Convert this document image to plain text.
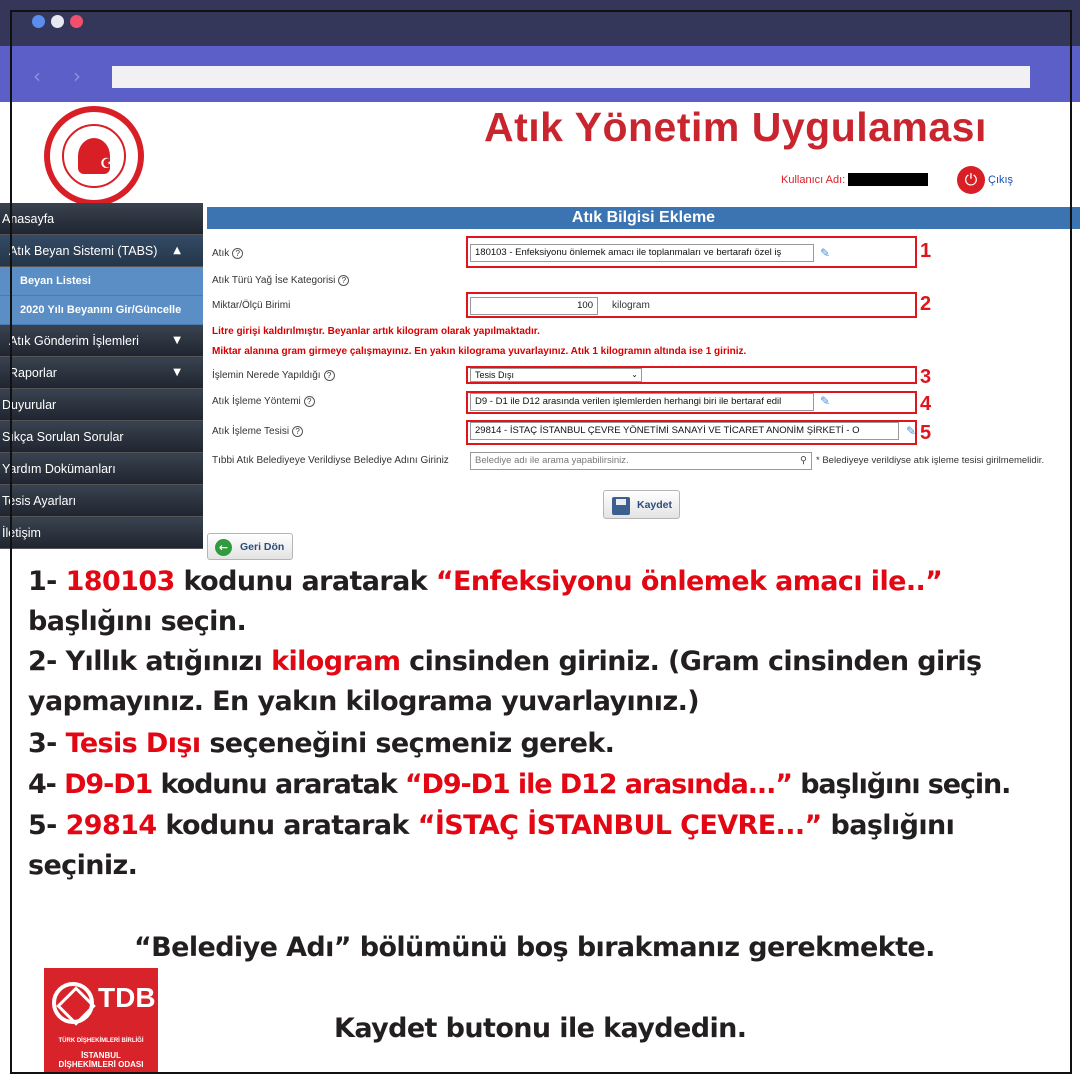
‹ ›
☪
Atık Yönetim Uygulaması
Kullanıcı Adı:	⏻ Çıkış
Anasayfa
Atık Beyan Sistemi (TABS) ▲
Beyan Listesi
2020 Yılı Beyanını Gir/Güncelle
Atık Gönderim İşlemleri	▼
Raporlar	▼
Duyurular
Sıkça Sorulan Sorular
Yardım Dokümanları
Tesis Ayarları
İletişim
Atık Bilgisi Ekleme
Atık ?	180103 - Enfeksiyonu önlemek amacı ile toplanmaları ve bertarafı özel iş	✎	1
Atık Türü Yağ İse Kategorisi ?
Miktar/Ölçü Birimi	100	kilogram	2
Litre girişi kaldırılmıştır. Beyanlar artık kilogram olarak yapılmaktadır.
Miktar alanına gram girmeye çalışmayınız. En yakın kilograma yuvarlayınız. Atık 1 kilogramın altında ise 1 giriniz.
İşlemin Nerede Yapıldığı ?	Tesis Dışı	⌄	3
Atık İşleme Yöntemi ?	D9 - D1 ile D12 arasında verilen işlemlerden herhangi biri ile bertaraf edil	✎	4
Atık İşleme Tesisi ?	29814 - İSTAÇ İSTANBUL ÇEVRE YÖNETİMİ SANAYİ VE TİCARET ANONİM ŞİRKETİ - O	✎ 5
Tıbbi Atık Belediyeye Verildiyse Belediye Adını Giriniz	Belediye adı ile arama yapabilirsiniz.	⚲ * Belediyeye verildiyse atık işleme tesisi girilmemelidir.
Kaydet
←	Geri Dön
1- 180103 kodunu aratarak “Enfeksiyonu önlemek amacı ile..”
başlığını seçin.
2- Yıllık atığınızı kilogram cinsinden giriniz. (Gram cinsinden giriş
yapmayınız. En yakın kilograma yuvarlayınız.)
3- Tesis Dışı seçeneğini seçmeniz gerek.
4- D9-D1 kodunu araratak “D9-D1 ile D12 arasında...” başlığını seçin.
5- 29814 kodunu aratarak “İSTAÇ İSTANBUL ÇEVRE...” başlığını
seçiniz.
“Belediye Adı” bölümünü boş bırakmanız gerekmekte.
Kaydet butonu ile kaydedin.
TDB
TÜRK DİŞHEKİMLERİ BİRLİĞİ
İSTANBUL
DİŞHEKİMLERİ ODASI
